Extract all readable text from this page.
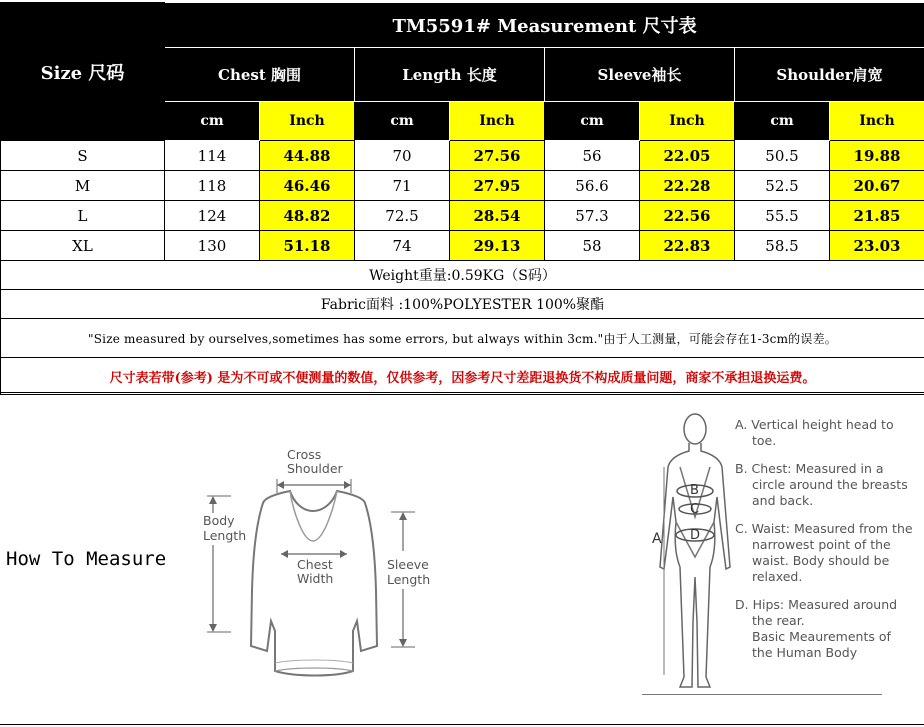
Size 尺码	TM5591# Measurement 尺寸表							
	Chest 胸围		Length 长度		Sleeve袖长		Shoulder肩宽	
	cm	Inch	cm	Inch	cm	Inch	cm	Inch
S	114	44.88	70	27.56	56	22.05	50.5	19.88
M	118	46.46	71	27.95	56.6	22.28	52.5	20.67
L	124	48.82	72.5	28.54	57.3	22.56	55.5	21.85
XL	130	51.18	74	29.13	58	22.83	58.5	23.03
Weight重量:0.59KG（S码）								
Fabric面料 :100%POLYESTER 100%聚酯								
"Size measured by ourselves,sometimes has some errors, but always within 3cm."由于人工测量，可能会存在1-3cm的误差。								
尺寸表若带(参考) 是为不可或不便测量的数值，仅供参考，因参考尺寸差距退换货不构成质量问题，商家不承担退换运费。								
How To Measure
Cross
Shoulder
Body
Length
Chest
Width
Sleeve
Length
A
B
C
D

A. Vertical height head to toe.

B. Chest: Measured in a circle around the breasts and back.

C. Waist: Measured from the narrowest point of the waist. Body should be relaxed.

D. Hips: Measured around the rear.

Basic Meaurements of the Human Body
